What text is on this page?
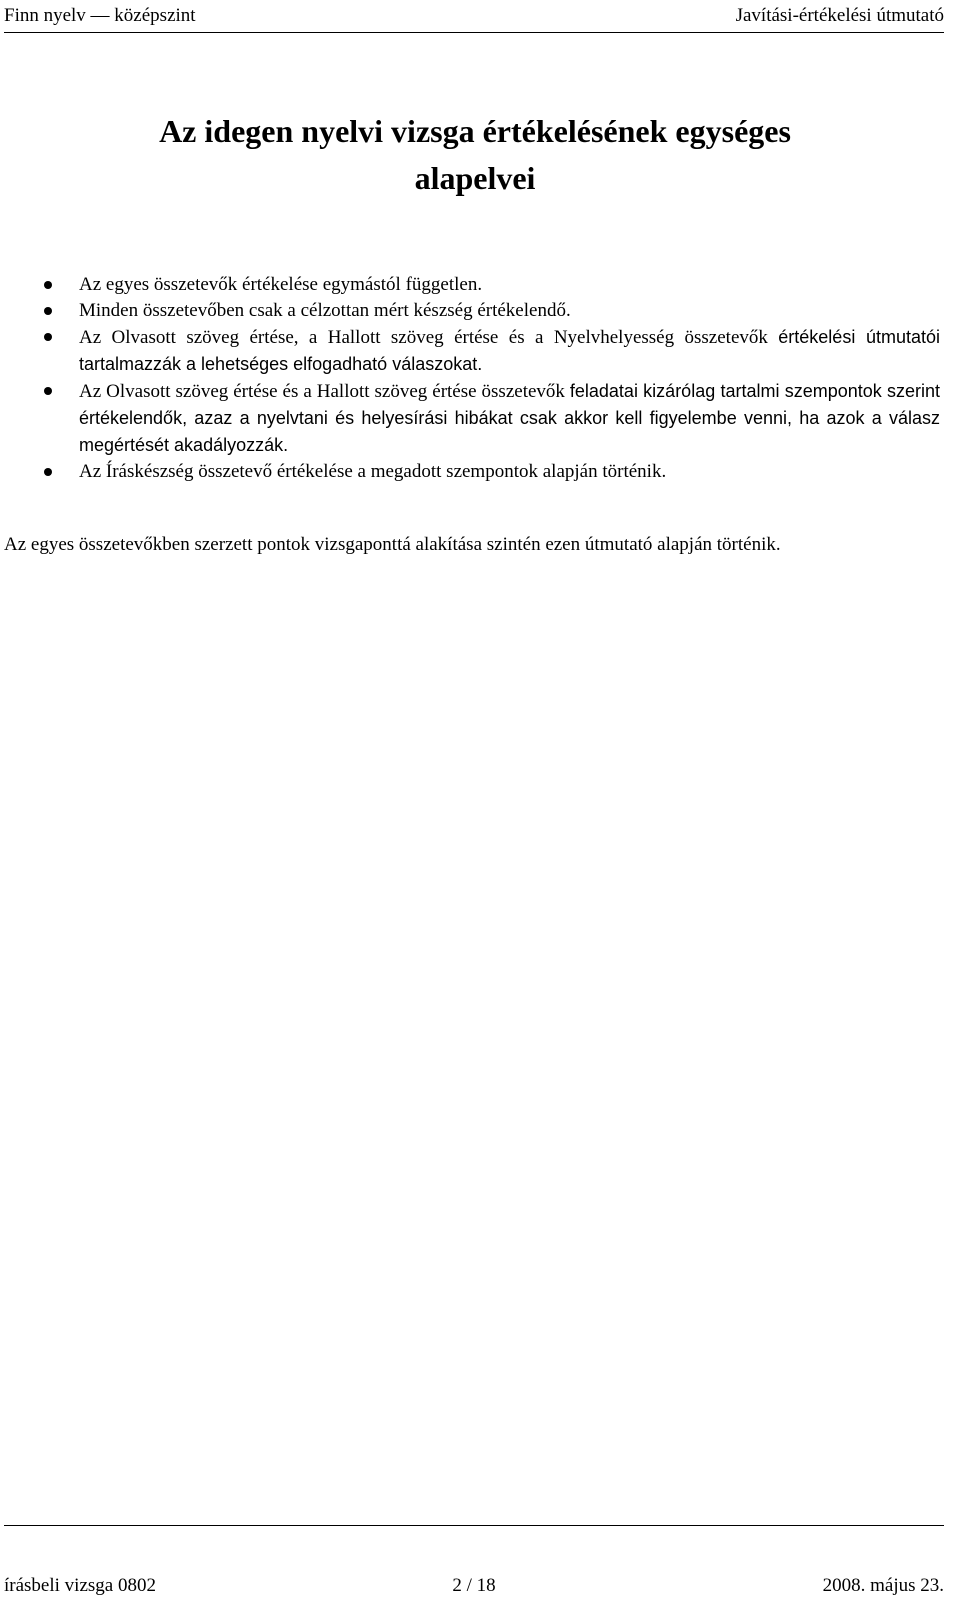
Finn nyelv — középszint	Javítási-értékelési útmutató
Az idegen nyelvi vizsga értékelésének egységes
alapelvei
Az egyes összetevők értékelése egymástól független.
Minden összetevőben csak a célzottan mért készség értékelendő.
Az Olvasott szöveg értése, a Hallott szöveg értése és a Nyelvhelyesség összetevők értékelési útmutatói tartalmazzák a lehetséges elfogadható válaszokat.
Az Olvasott szöveg értése és a Hallott szöveg értése összetevők feladatai kizárólag tartalmi szempontok szerint értékelendők, azaz a nyelvtani és helyesírási hibákat csak akkor kell figyelembe venni, ha azok a válasz megértését akadályozzák.
Az Íráskészség összetevő értékelése a megadott szempontok alapján történik.

Az egyes összetevőkben szerzett pontok vizsgaponttá alakítása szintén ezen útmutató alapján történik.

írásbeli vizsga 0802	2 / 18	2008. május 23.
